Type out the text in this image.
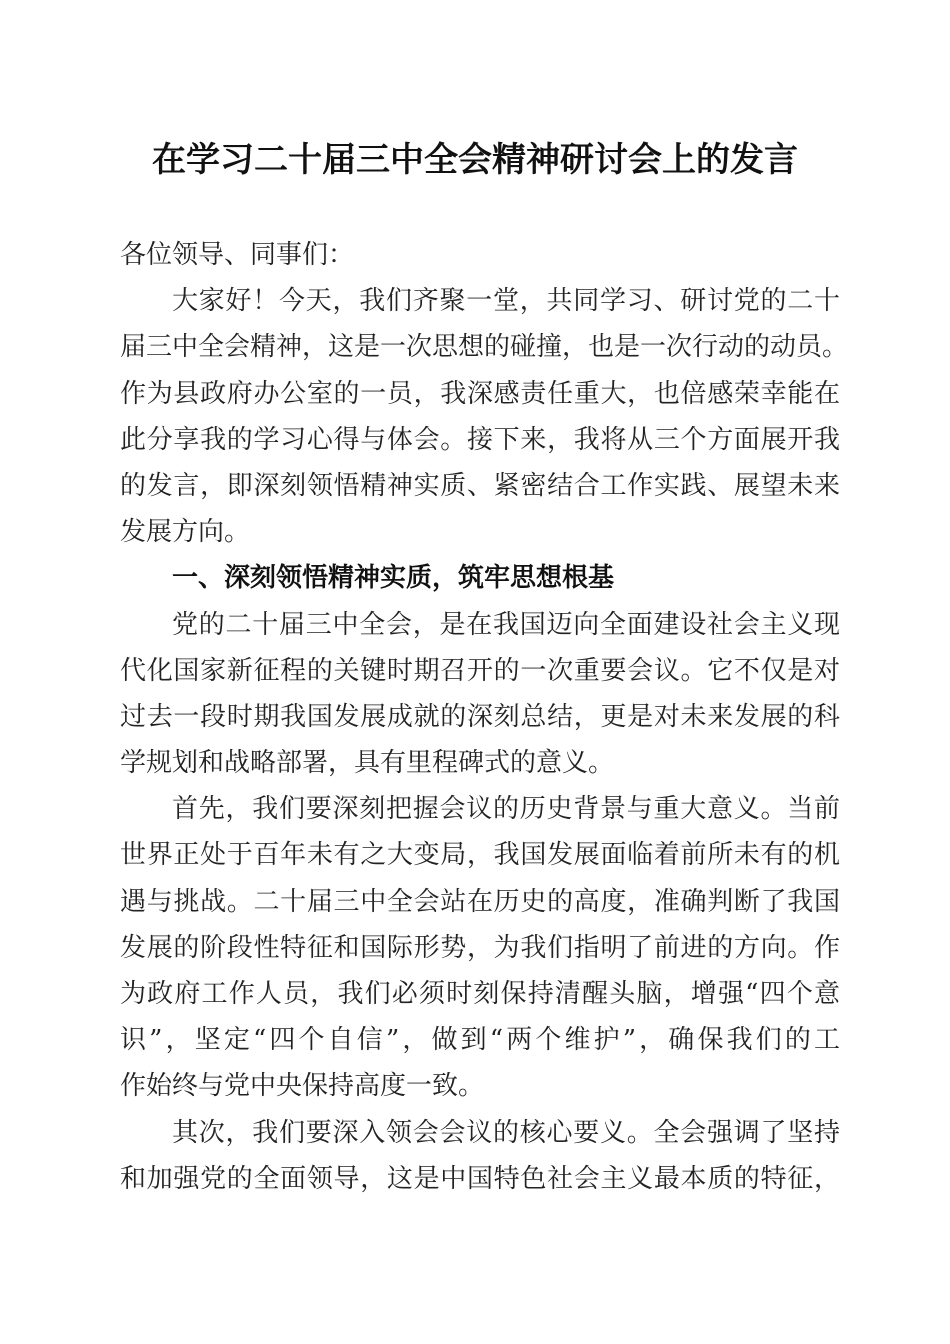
在学习二十届三中全会精神研讨会上的发言
各位领导、同事们：
大家好！今天，我们齐聚一堂，共同学习、研讨党的二十
届三中全会精神，这是一次思想的碰撞，也是一次行动的动员。
作为县政府办公室的一员，我深感责任重大，也倍感荣幸能在
此分享我的学习心得与体会。接下来，我将从三个方面展开我
的发言，即深刻领悟精神实质、紧密结合工作实践、展望未来
发展方向。
一、深刻领悟精神实质，筑牢思想根基
党的二十届三中全会，是在我国迈向全面建设社会主义现
代化国家新征程的关键时期召开的一次重要会议。它不仅是对
过去一段时期我国发展成就的深刻总结，更是对未来发展的科
学规划和战略部署，具有里程碑式的意义。
首先，我们要深刻把握会议的历史背景与重大意义。当前
世界正处于百年未有之大变局，我国发展面临着前所未有的机
遇与挑战。二十届三中全会站在历史的高度，准确判断了我国
发展的阶段性特征和国际形势，为我们指明了前进的方向。作
为政府工作人员，我们必须时刻保持清醒头脑，增强“四个意
识”，坚定“四个自信”，做到“两个维护”，确保我们的工
作始终与党中央保持高度一致。
其次，我们要深入领会会议的核心要义。全会强调了坚持
和加强党的全面领导，这是中国特色社会主义最本质的特征，
